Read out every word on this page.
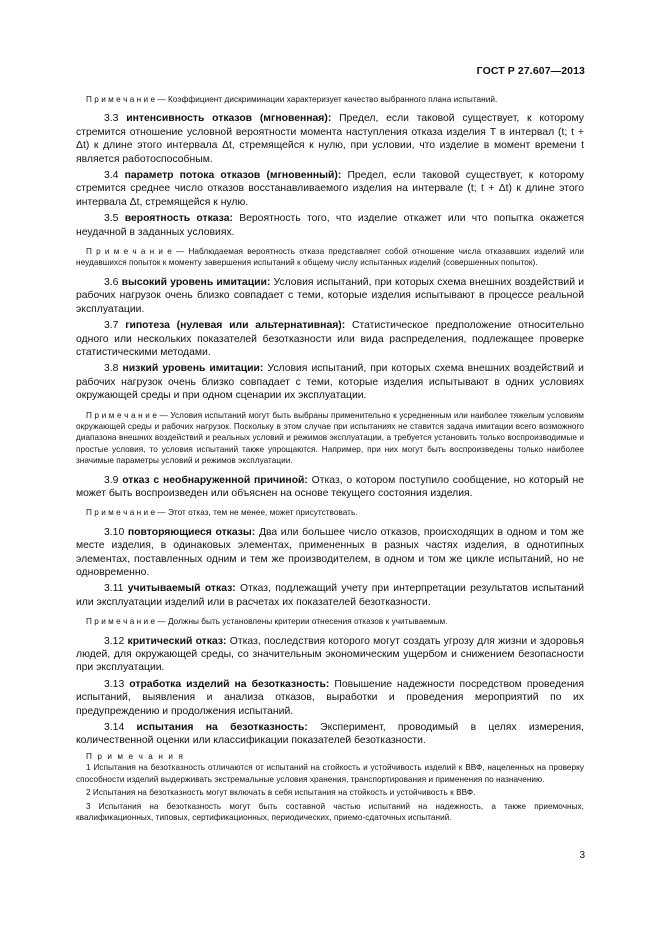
ГОСТ Р 27.607—2013

П р и м е ч а н и е — Коэффициент дискриминации характеризует качество выбранного плана испытаний.

3.3 интенсивность отказов (мгновенная): Предел, если таковой существует, к которому стремится отношение условной вероятности момента наступления отказа изделия T в интервал (t; t + Δt) к длине этого интервала Δt, стремящейся к нулю, при условии, что изделие в момент времени t является работоспособным.

3.4 параметр потока отказов (мгновенный): Предел, если таковой существует, к которому стремится среднее число отказов восстанавливаемого изделия на интервале (t; t + Δt) к длине этого интервала Δt, стремящейся к нулю.

3.5 вероятность отказа: Вероятность того, что изделие откажет или что попытка окажется неудачной в заданных условиях.

П р и м е ч а н и е — Наблюдаемая вероятность отказа представляет собой отношение числа отказавших изделий или неудавшихся попыток к моменту завершения испытаний к общему числу испытанных изделий (совершенных попыток).

3.6 высокий уровень имитации: Условия испытаний, при которых схема внешних воздействий и рабочих нагрузок очень близко совпадает с теми, которые изделия испытывают в процессе реальной эксплуатации.

3.7 гипотеза (нулевая или альтернативная): Статистическое предположение относительно одного или нескольких показателей безотказности или вида распределения, подлежащее проверке статистическими методами.

3.8 низкий уровень имитации: Условия испытаний, при которых схема внешних воздействий и рабочих нагрузок очень близко совпадает с теми, которые изделия испытывают в одних условиях окружающей среды и при одном сценарии их эксплуатации.

П р и м е ч а н и е — Условия испытаний могут быть выбраны применительно к усредненным или наиболее тяжелым условиям окружающей среды и рабочих нагрузок. Поскольку в этом случае при испытаниях не ставится задача имитации всего возможного диапазона внешних воздействий и реальных условий и режимов эксплуатации, а требуется установить только воспроизводимые и простые условия, то условия испытаний также упрощаются. Например, при них могут быть воспроизведены только наиболее значимые параметры условий и режимов эксплуатации.

3.9 отказ с необнаруженной причиной: Отказ, о котором поступило сообщение, но который не может быть воспроизведен или объяснен на основе текущего состояния изделия.

П р и м е ч а н и е — Этот отказ, тем не менее, может присутствовать.

3.10 повторяющиеся отказы: Два или большее число отказов, происходящих в одном и том же месте изделия, в одинаковых элементах, примененных в разных частях изделия, в однотипных элементах, поставленных одним и тем же производителем, в одном и том же цикле испытаний, но не одновременно.

3.11 учитываемый отказ: Отказ, подлежащий учету при интерпретации результатов испытаний или эксплуатации изделий или в расчетах их показателей безотказности.

П р и м е ч а н и е — Должны быть установлены критерии отнесения отказов к учитываемым.

3.12 критический отказ: Отказ, последствия которого могут создать угрозу для жизни и здоровья людей, для окружающей среды, со значительным экономическим ущербом и снижением безопасности при эксплуатации.

3.13 отработка изделий на безотказность: Повышение надежности посредством проведения испытаний, выявления и анализа отказов, выработки и проведения мероприятий по их предупреждению и продолжения испытаний.

3.14 испытания на безотказность: Эксперимент, проводимый в целях измерения, количественной оценки или классификации показателей безотказности.

П р и м е ч а н и я

1 Испытания на безотказность отличаются от испытаний на стойкость и устойчивость изделий к ВВФ, нацеленных на проверку способности изделий выдерживать экстремальные условия хранения, транспортирования и применения по назначению.

2 Испытания на безотказность могут включать в себя испытания на стойкость и устойчивость к ВВФ.

3 Испытания на безотказность могут быть составной частью испытаний на надежность, а также приемочных, квалификационных, типовых, сертификационных, периодических, приемо-сдаточных испытаний.

3
